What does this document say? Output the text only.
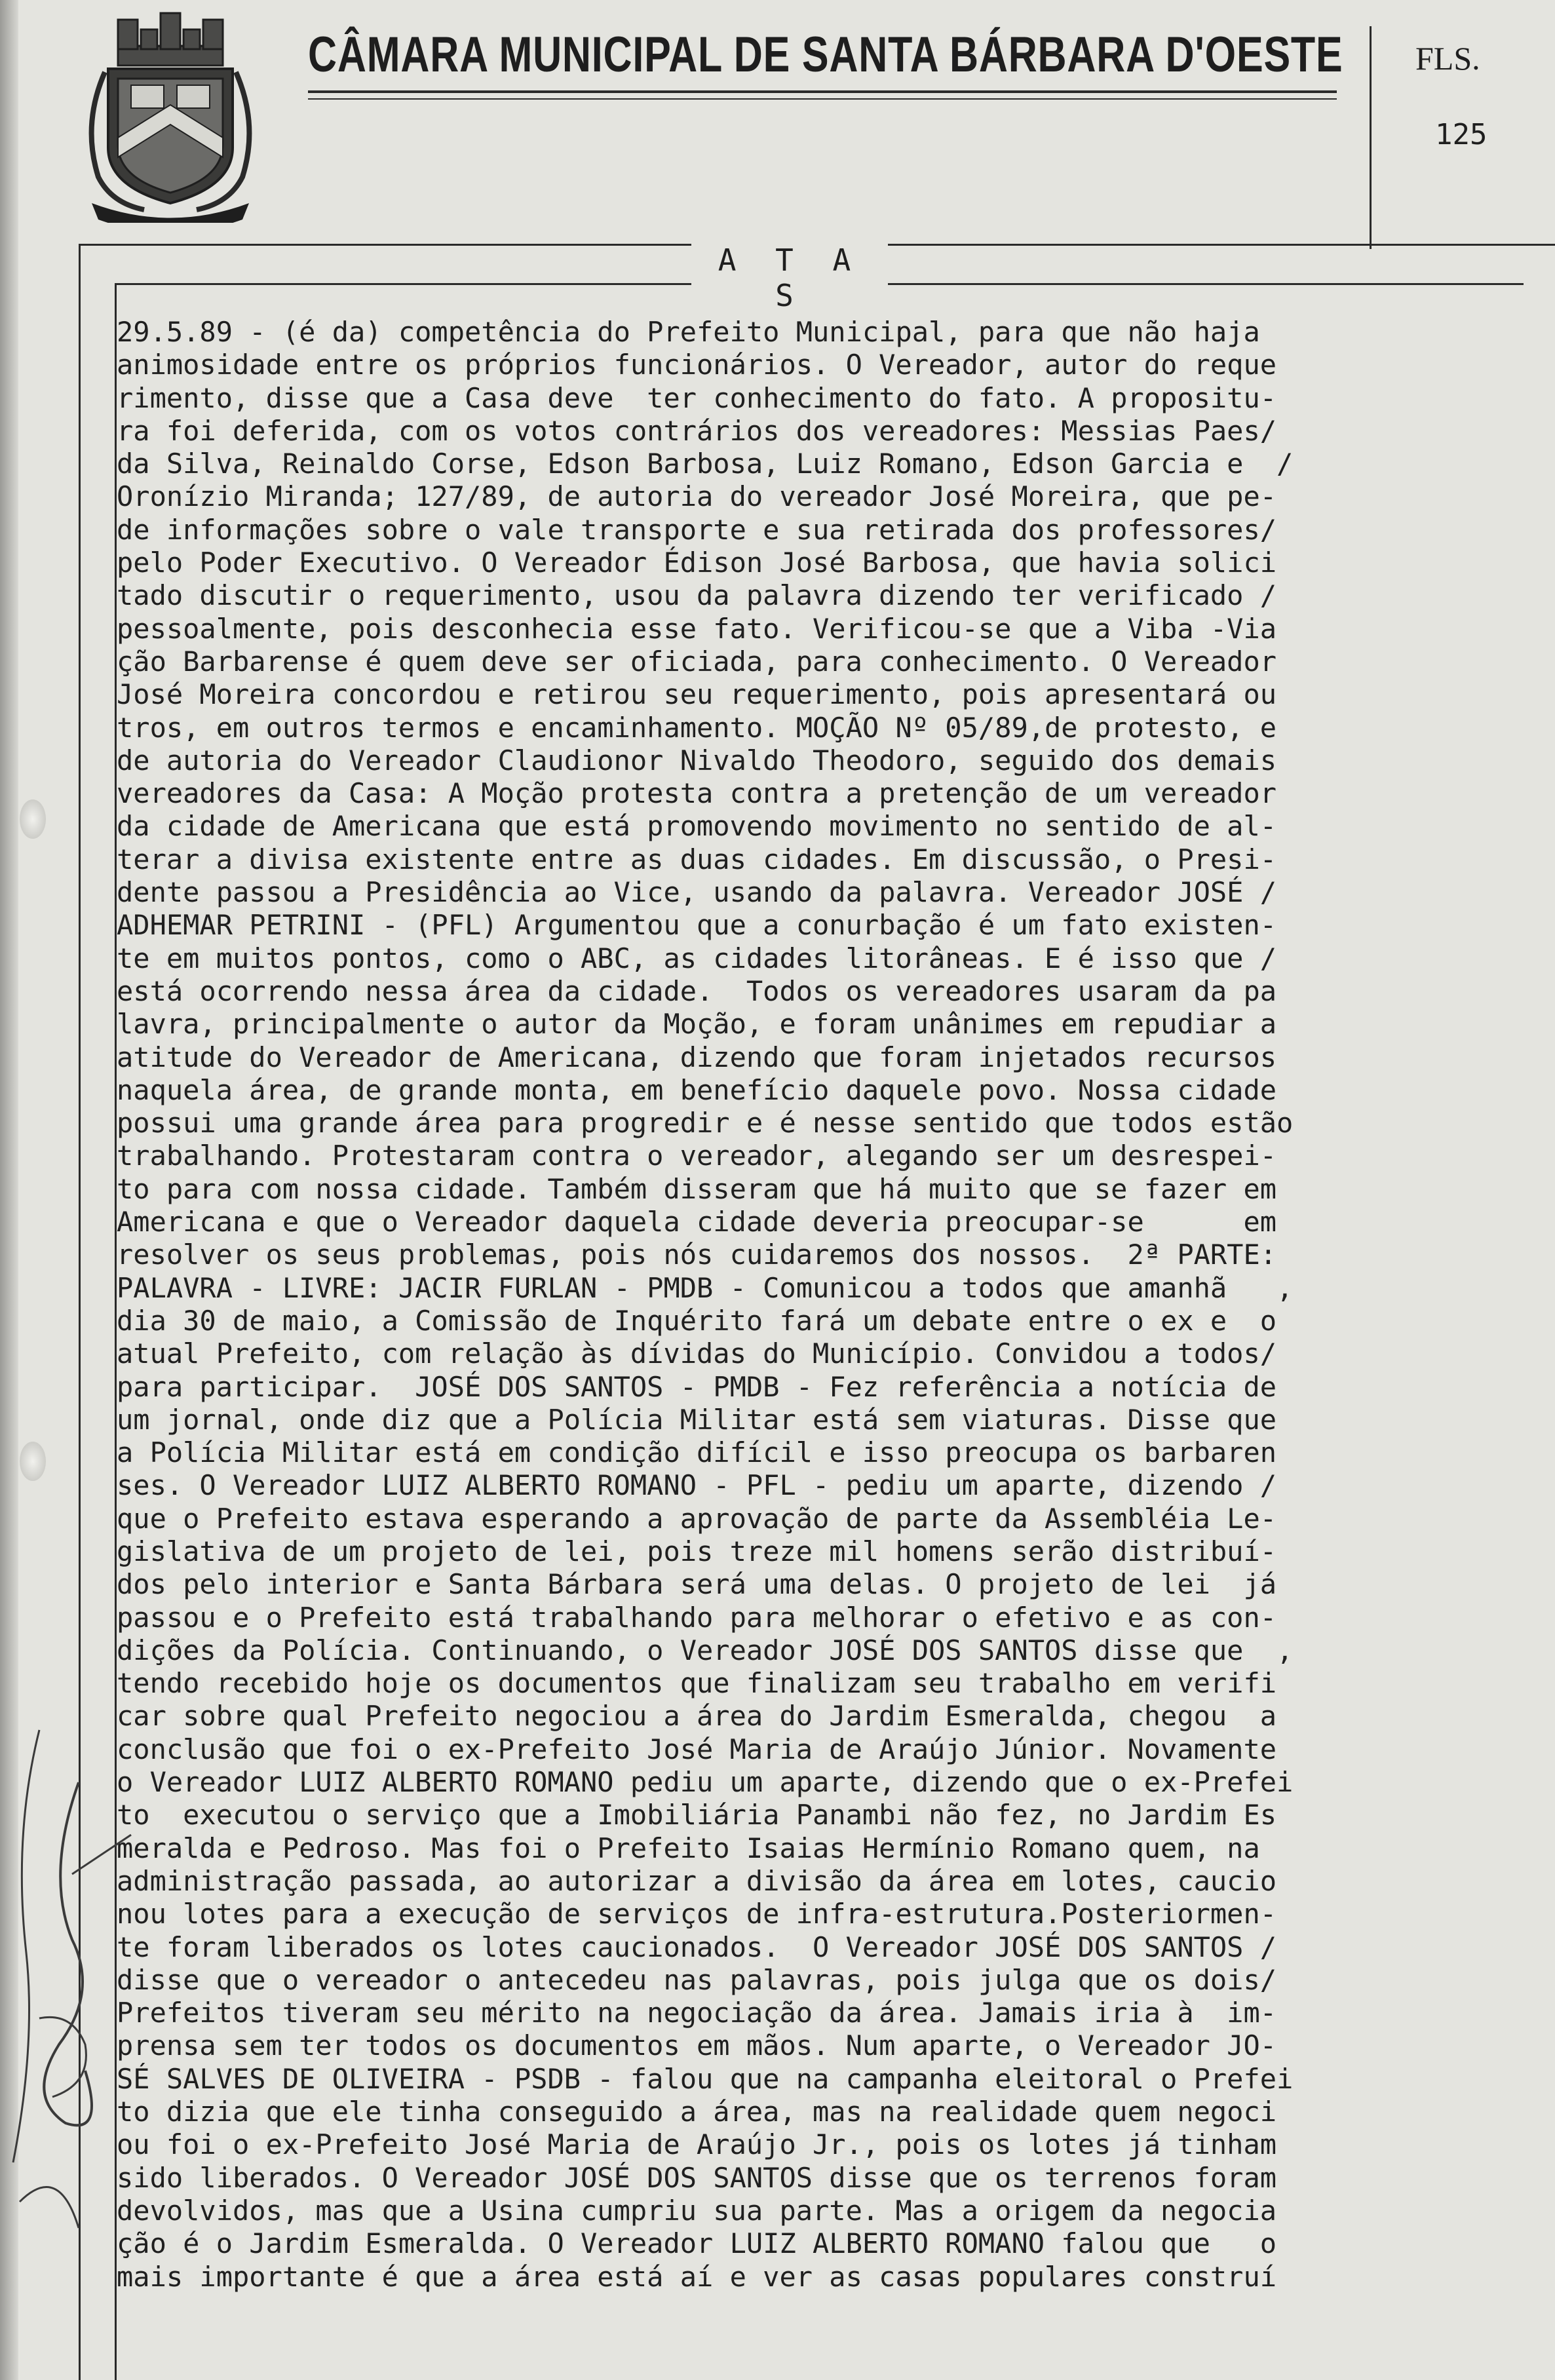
CÂMARA MUNICIPAL DE SANTA BÁRBARA D'OESTE FLS.
125
A T A S
29.5.89 - (é da) competência do Prefeito Municipal, para que não haja
animosidade entre os próprios funcionários. O Vereador, autor do reque
rimento, disse que a Casa deve  ter conhecimento do fato. A propositu-
ra foi deferida, com os votos contrários dos vereadores: Messias Paes/
da Silva, Reinaldo Corse, Edson Barbosa, Luiz Romano, Edson Garcia e  /
Oronízio Miranda; 127/89, de autoria do vereador José Moreira, que pe-
de informações sobre o vale transporte e sua retirada dos professores/
pelo Poder Executivo. O Vereador Édison José Barbosa, que havia solici
tado discutir o requerimento, usou da palavra dizendo ter verificado /
pessoalmente, pois desconhecia esse fato. Verificou-se que a Viba -Via
ção Barbarense é quem deve ser oficiada, para conhecimento. O Vereador
José Moreira concordou e retirou seu requerimento, pois apresentará ou
tros, em outros termos e encaminhamento. MOÇÃO Nº 05/89,de protesto, e
de autoria do Vereador Claudionor Nivaldo Theodoro, seguido dos demais
vereadores da Casa: A Moção protesta contra a pretenção de um vereador
da cidade de Americana que está promovendo movimento no sentido de al-
terar a divisa existente entre as duas cidades. Em discussão, o Presi-
dente passou a Presidência ao Vice, usando da palavra. Vereador JOSÉ /
ADHEMAR PETRINI - (PFL) Argumentou que a conurbação é um fato existen-
te em muitos pontos, como o ABC, as cidades litorâneas. E é isso que /
está ocorrendo nessa área da cidade.  Todos os vereadores usaram da pa
lavra, principalmente o autor da Moção, e foram unânimes em repudiar a
atitude do Vereador de Americana, dizendo que foram injetados recursos
naquela área, de grande monta, em benefício daquele povo. Nossa cidade
possui uma grande área para progredir e é nesse sentido que todos estão
trabalhando. Protestaram contra o vereador, alegando ser um desrespei-
to para com nossa cidade. Também disseram que há muito que se fazer em
Americana e que o Vereador daquela cidade deveria preocupar-se      em
resolver os seus problemas, pois nós cuidaremos dos nossos.  2ª PARTE:
PALAVRA - LIVRE: JACIR FURLAN - PMDB - Comunicou a todos que amanhã   ,
dia 30 de maio, a Comissão de Inquérito fará um debate entre o ex e  o
atual Prefeito, com relação às dívidas do Município. Convidou a todos/
para participar.  JOSÉ DOS SANTOS - PMDB - Fez referência a notícia de
um jornal, onde diz que a Polícia Militar está sem viaturas. Disse que
a Polícia Militar está em condição difícil e isso preocupa os barbaren
ses. O Vereador LUIZ ALBERTO ROMANO - PFL - pediu um aparte, dizendo /
que o Prefeito estava esperando a aprovação de parte da Assembléia Le-
gislativa de um projeto de lei, pois treze mil homens serão distribuí-
dos pelo interior e Santa Bárbara será uma delas. O projeto de lei  já
passou e o Prefeito está trabalhando para melhorar o efetivo e as con-
dições da Polícia. Continuando, o Vereador JOSÉ DOS SANTOS disse que  ,
tendo recebido hoje os documentos que finalizam seu trabalho em verifi
car sobre qual Prefeito negociou a área do Jardim Esmeralda, chegou  a
conclusão que foi o ex-Prefeito José Maria de Araújo Júnior. Novamente
o Vereador LUIZ ALBERTO ROMANO pediu um aparte, dizendo que o ex-Prefei
to  executou o serviço que a Imobiliária Panambi não fez, no Jardim Es
meralda e Pedroso. Mas foi o Prefeito Isaias Hermínio Romano quem, na
administração passada, ao autorizar a divisão da área em lotes, caucio
nou lotes para a execução de serviços de infra-estrutura.Posteriormen-
te foram liberados os lotes caucionados.  O Vereador JOSÉ DOS SANTOS /
disse que o vereador o antecedeu nas palavras, pois julga que os dois/
Prefeitos tiveram seu mérito na negociação da área. Jamais iria à  im-
prensa sem ter todos os documentos em mãos. Num aparte, o Vereador JO-
SÉ SALVES DE OLIVEIRA - PSDB - falou que na campanha eleitoral o Prefei
to dizia que ele tinha conseguido a área, mas na realidade quem negoci
ou foi o ex-Prefeito José Maria de Araújo Jr., pois os lotes já tinham
sido liberados. O Vereador JOSÉ DOS SANTOS disse que os terrenos foram
devolvidos, mas que a Usina cumpriu sua parte. Mas a origem da negocia
ção é o Jardim Esmeralda. O Vereador LUIZ ALBERTO ROMANO falou que   o
mais importante é que a área está aí e ver as casas populares construí
